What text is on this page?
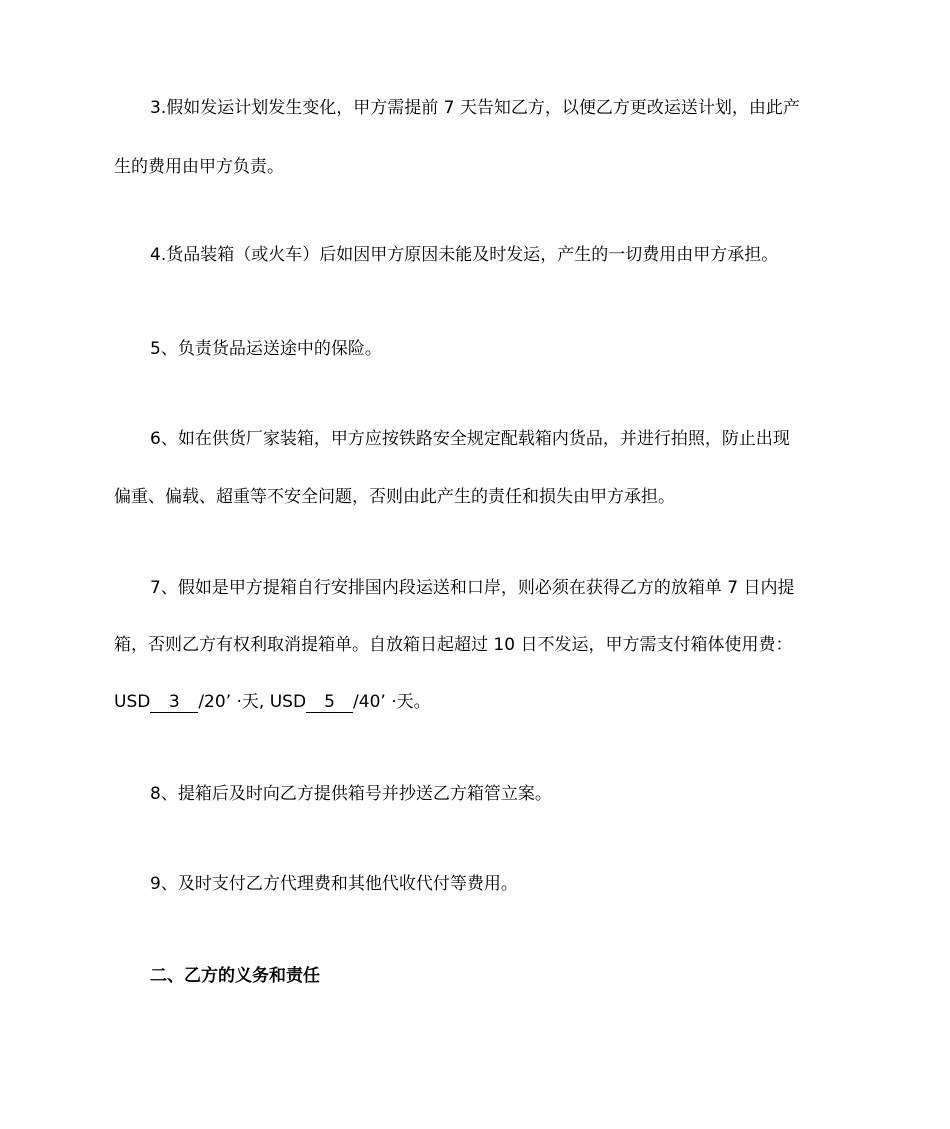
3.假如发运计划发生变化，甲方需提前 7 天告知乙方，以便乙方更改运送计划，由此产
生的费用由甲方负责。
4.货品装箱（或火车）后如因甲方原因未能及时发运，产生的一切费用由甲方承担。
5、负责货品运送途中的保险。
6、如在供货厂家装箱，甲方应按铁路安全规定配载箱内货品，并进行拍照，防止出现
偏重、偏载、超重等不安全问题，否则由此产生的责任和损失由甲方承担。
7、假如是甲方提箱自行安排国内段运送和口岸，则必须在获得乙方的放箱单 7 日内提
箱，否则乙方有权利取消提箱单。自放箱日起超过 10 日不发运，甲方需支付箱体使用费：
USD 3 /20’ ·天, USD 5 /40’ ·天。
8、提箱后及时向乙方提供箱号并抄送乙方箱管立案。
9、及时支付乙方代理费和其他代收代付等费用。
二、乙方的义务和责任
